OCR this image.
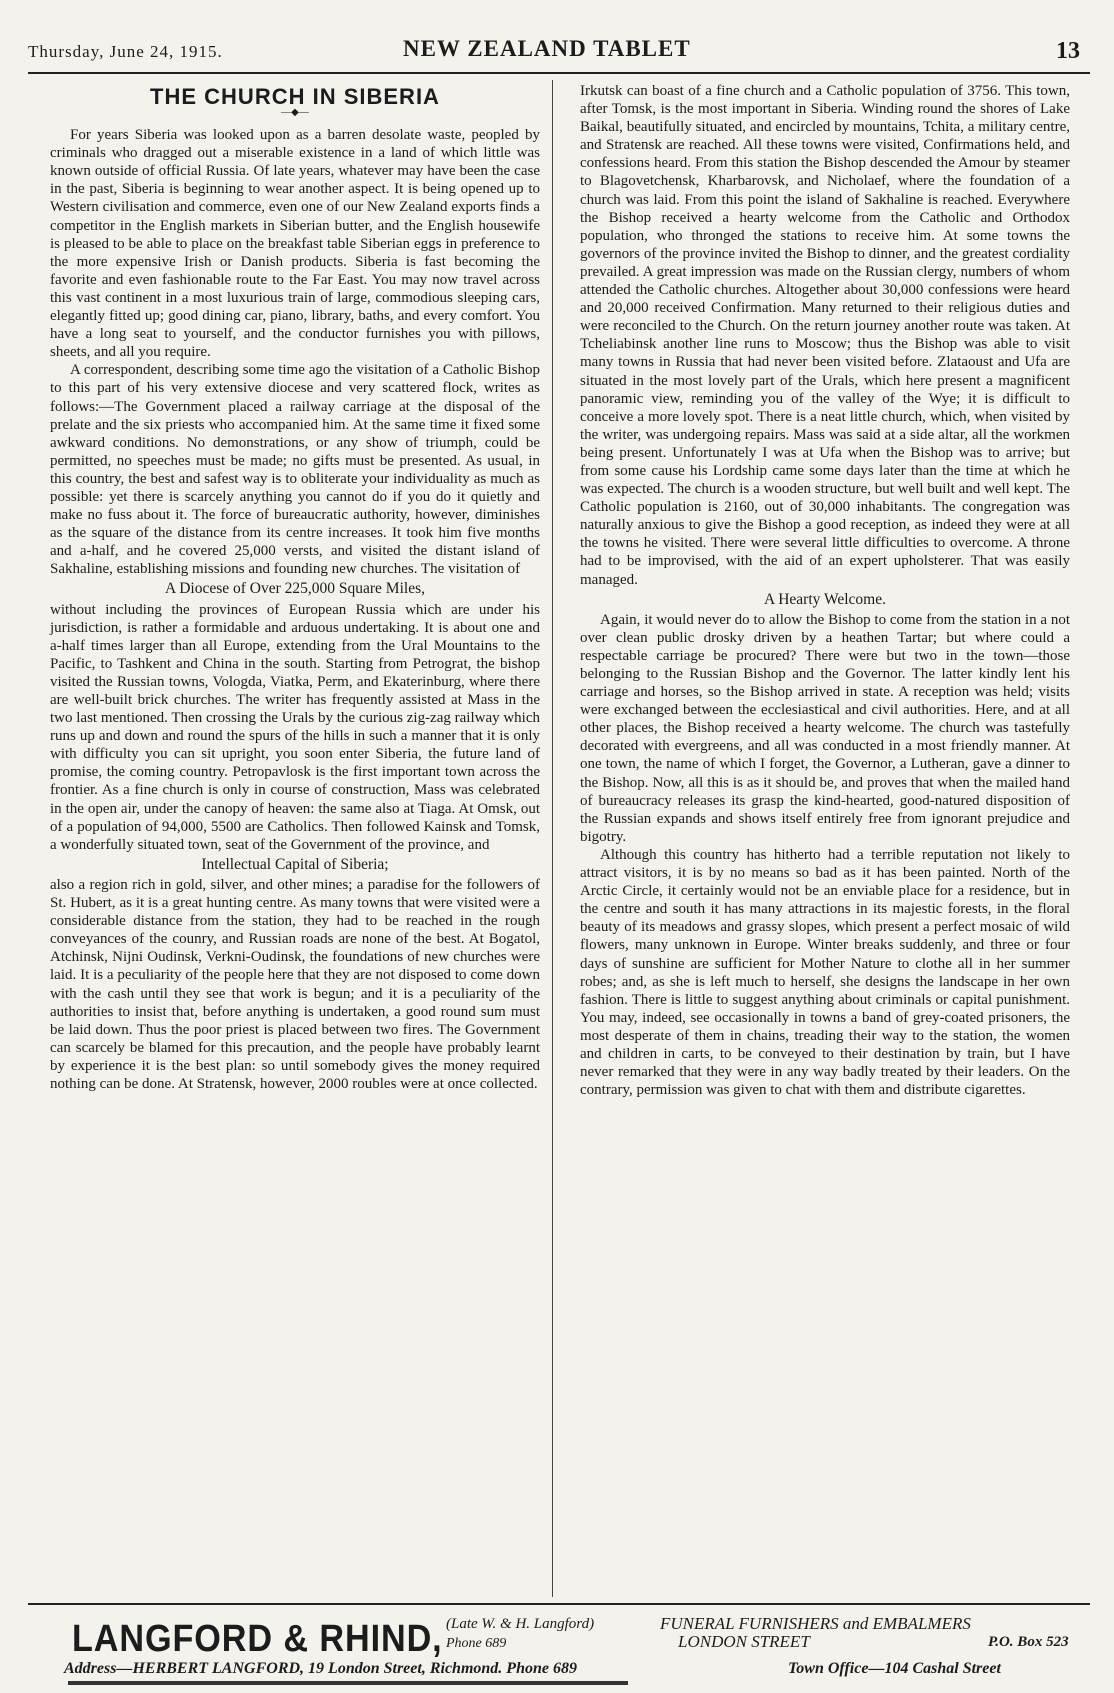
Thursday, June 24, 1915.	NEW ZEALAND TABLET	13
THE CHURCH IN SIBERIA
—◆—

For years Siberia was looked upon as a barren desolate waste, peopled by criminals who dragged out a miserable existence in a land of which little was known outside of official Russia. Of late years, whatever may have been the case in the past, Siberia is beginning to wear another aspect. It is being opened up to Western civilisation and commerce, even one of our New Zealand exports finds a competitor in the English markets in Siberian butter, and the English housewife is pleased to be able to place on the breakfast table Siberian eggs in preference to the more expensive Irish or Danish products. Siberia is fast becoming the favorite and even fashionable route to the Far East. You may now travel across this vast continent in a most luxurious train of large, commodious sleeping cars, elegantly fitted up; good dining car, piano, library, baths, and every comfort. You have a long seat to yourself, and the conductor furnishes you with pillows, sheets, and all you require.

A correspondent, describing some time ago the visitation of a Catholic Bishop to this part of his very extensive diocese and very scattered flock, writes as follows:—The Government placed a railway carriage at the disposal of the prelate and the six priests who accompanied him. At the same time it fixed some awkward conditions. No demonstrations, or any show of triumph, could be permitted, no speeches must be made; no gifts must be presented. As usual, in this country, the best and safest way is to obliterate your individuality as much as possible: yet there is scarcely anything you cannot do if you do it quietly and make no fuss about it. The force of bureaucratic authority, however, diminishes as the square of the distance from its centre increases. It took him five months and a-half, and he covered 25,000 versts, and visited the distant island of Sakhaline, establishing missions and founding new churches. The visitation of

A Diocese of Over 225,000 Square Miles,

without including the provinces of European Russia which are under his jurisdiction, is rather a formidable and arduous undertaking. It is about one and a-half times larger than all Europe, extending from the Ural Mountains to the Pacific, to Tashkent and China in the south. Starting from Petrograt, the bishop visited the Russian towns, Vologda, Viatka, Perm, and Ekaterinburg, where there are well-built brick churches. The writer has frequently assisted at Mass in the two last mentioned. Then crossing the Urals by the curious zig-zag railway which runs up and down and round the spurs of the hills in such a manner that it is only with difficulty you can sit upright, you soon enter Siberia, the future land of promise, the coming country. Petropavlosk is the first important town across the frontier. As a fine church is only in course of construction, Mass was celebrated in the open air, under the canopy of heaven: the same also at Tiaga. At Omsk, out of a population of 94,000, 5500 are Catholics. Then followed Kainsk and Tomsk, a wonderfully situated town, seat of the Government of the province, and

Intellectual Capital of Siberia;

also a region rich in gold, silver, and other mines; a paradise for the followers of St. Hubert, as it is a great hunting centre. As many towns that were visited were a considerable distance from the station, they had to be reached in the rough conveyances of the counry, and Russian roads are none of the best. At Bogatol, Atchinsk, Nijni Oudinsk, Verkni-Oudinsk, the foundations of new churches were laid. It is a peculiarity of the people here that they are not disposed to come down with the cash until they see that work is begun; and it is a peculiarity of the authorities to insist that, before anything is undertaken, a good round sum must be laid down. Thus the poor priest is placed between two fires. The Government can scarcely be blamed for this precaution, and the people have probably learnt by experience it is the best plan: so until somebody gives the money required nothing can be done. At Stratensk, however, 2000 roubles were at once collected.

Irkutsk can boast of a fine church and a Catholic population of 3756. This town, after Tomsk, is the most important in Siberia. Winding round the shores of Lake Baikal, beautifully situated, and encircled by mountains, Tchita, a military centre, and Stratensk are reached. All these towns were visited, Confirmations held, and confessions heard. From this station the Bishop descended the Amour by steamer to Blagovetchensk, Kharbarovsk, and Nicholaef, where the foundation of a church was laid. From this point the island of Sakhaline is reached. Everywhere the Bishop received a hearty welcome from the Catholic and Orthodox population, who thronged the stations to receive him. At some towns the governors of the province invited the Bishop to dinner, and the greatest cordiality prevailed. A great impression was made on the Russian clergy, numbers of whom attended the Catholic churches. Altogether about 30,000 confessions were heard and 20,000 received Confirmation. Many returned to their religious duties and were reconciled to the Church. On the return journey another route was taken. At Tcheliabinsk another line runs to Moscow; thus the Bishop was able to visit many towns in Russia that had never been visited before. Zlataoust and Ufa are situated in the most lovely part of the Urals, which here present a magnificent panoramic view, reminding you of the valley of the Wye; it is difficult to conceive a more lovely spot. There is a neat little church, which, when visited by the writer, was undergoing repairs. Mass was said at a side altar, all the workmen being present. Unfortunately I was at Ufa when the Bishop was to arrive; but from some cause his Lordship came some days later than the time at which he was expected. The church is a wooden structure, but well built and well kept. The Catholic population is 2160, out of 30,000 inhabitants. The congregation was naturally anxious to give the Bishop a good reception, as indeed they were at all the towns he visited. There were several little difficulties to overcome. A throne had to be improvised, with the aid of an expert upholsterer. That was easily managed.

A Hearty Welcome.

Again, it would never do to allow the Bishop to come from the station in a not over clean public drosky driven by a heathen Tartar; but where could a respectable carriage be procured? There were but two in the town—those belonging to the Russian Bishop and the Governor. The latter kindly lent his carriage and horses, so the Bishop arrived in state. A reception was held; visits were exchanged between the ecclesiastical and civil authorities. Here, and at all other places, the Bishop received a hearty welcome. The church was tastefully decorated with evergreens, and all was conducted in a most friendly manner. At one town, the name of which I forget, the Governor, a Lutheran, gave a dinner to the Bishop. Now, all this is as it should be, and proves that when the mailed hand of bureaucracy releases its grasp the kind-hearted, good-natured disposition of the Russian expands and shows itself entirely free from ignorant prejudice and bigotry.

Although this country has hitherto had a terrible reputation not likely to attract visitors, it is by no means so bad as it has been painted. North of the Arctic Circle, it certainly would not be an enviable place for a residence, but in the centre and south it has many attractions in its majestic forests, in the floral beauty of its meadows and grassy slopes, which present a perfect mosaic of wild flowers, many unknown in Europe. Winter breaks suddenly, and three or four days of sunshine are sufficient for Mother Nature to clothe all in her summer robes; and, as she is left much to herself, she designs the landscape in her own fashion. There is little to suggest anything about criminals or capital punishment. You may, indeed, see occasionally in towns a band of grey-coated prisoners, the most desperate of them in chains, treading their way to the station, the women and children in carts, to be conveyed to their destination by train, but I have never remarked that they were in any way badly treated by their leaders. On the contrary, permission was given to chat with them and distribute cigarettes.

LANGFORD & RHIND, (Late W. & H. Langford)
Phone 689
FUNERAL FURNISHERS and EMBALMERS
LONDON STREET	P.O. Box 523
Address—HERBERT LANGFORD, 19 London Street, Richmond. Phone 689	Town Office—104 Cashal Street
